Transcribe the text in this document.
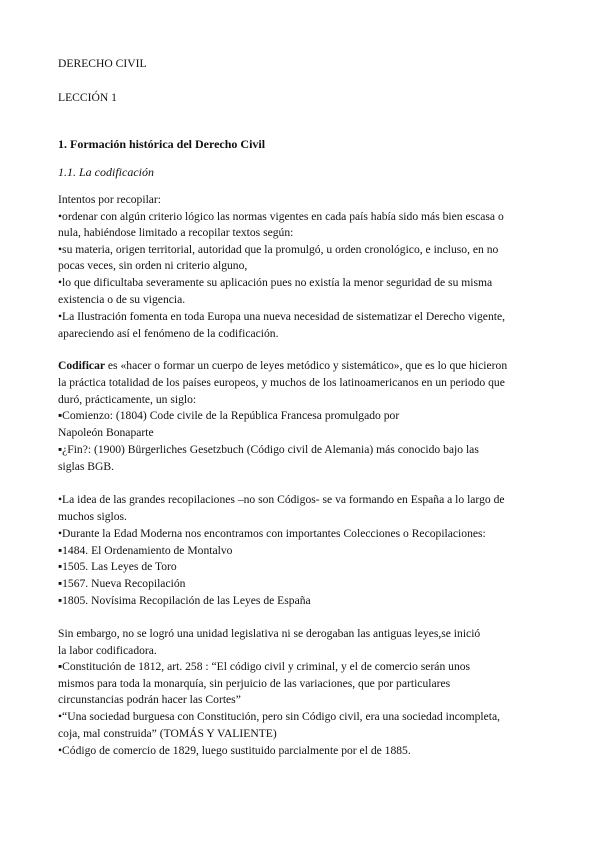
DERECHO CIVIL
LECCIÓN 1
1. Formación histórica del Derecho Civil
1.1. La codificación
Intentos por recopilar:
•ordenar con algún criterio lógico las normas vigentes en cada país había sido más bien escasa o
nula, habiéndose limitado a recopilar textos según:
•su materia, origen territorial, autoridad que la promulgó, u orden cronológico, e incluso, en no
pocas veces, sin orden ni criterio alguno,
•lo que dificultaba severamente su aplicación pues no existía la menor seguridad de su misma
existencia o de su vigencia.
•La Ilustración fomenta en toda Europa una nueva necesidad de sistematizar el Derecho vigente,
apareciendo así el fenómeno de la codificación.
Codificar es «hacer o formar un cuerpo de leyes metódico y sistemático», que es lo que hicieron
la práctica totalidad de los países europeos, y muchos de los latinoamericanos en un periodo que
duró, prácticamente, un siglo:
▪Comienzo: (1804) Code civile de la República Francesa promulgado por
Napoleón Bonaparte
▪¿Fin?: (1900) Bürgerliches Gesetzbuch (Código civil de Alemania) más conocido bajo las
siglas BGB.
•La idea de las grandes recopilaciones –no son Códigos- se va formando en España a lo largo de
muchos siglos.
•Durante la Edad Moderna nos encontramos con importantes Colecciones o Recopilaciones:
▪1484. El Ordenamiento de Montalvo
▪1505. Las Leyes de Toro
▪1567. Nueva Recopilación
▪1805. Novísima Recopilación de las Leyes de España
Sin embargo, no se logró una unidad legislativa ni se derogaban las antiguas leyes,se inició
la labor codificadora.
▪Constitución de 1812, art. 258 : “El código civil y criminal, y el de comercio serán unos
mismos para toda la monarquía, sin perjuicio de las variaciones, que por particulares
circunstancias podrán hacer las Cortes”
•“Una sociedad burguesa con Constitución, pero sin Código civil, era una sociedad incompleta,
coja, mal construida” (TOMÁS Y VALIENTE)
•Código de comercio de 1829, luego sustituido parcialmente por el de 1885.
